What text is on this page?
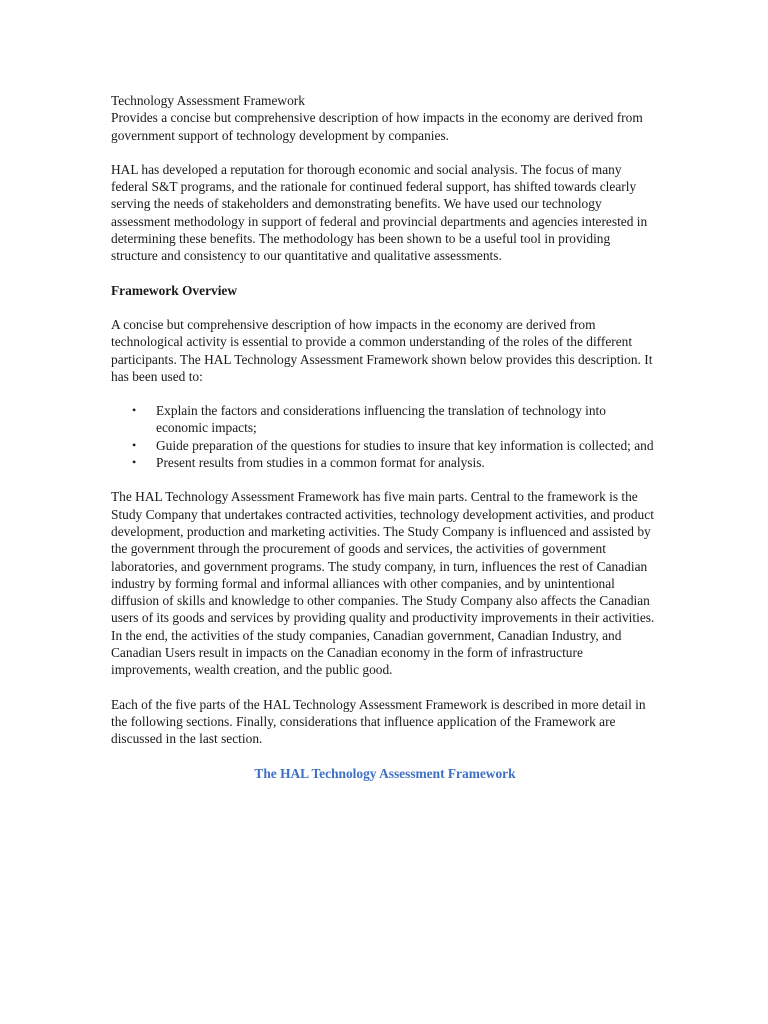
Technology Assessment Framework

Provides a concise but comprehensive description of how impacts in the economy are derived from government support of technology development by companies.

HAL has developed a reputation for thorough economic and social analysis. The focus of many federal S&T programs, and the rationale for continued federal support, has shifted towards clearly serving the needs of stakeholders and demonstrating benefits. We have used our technology assessment methodology in support of federal and provincial departments and agencies interested in determining these benefits. The methodology has been shown to be a useful tool in providing structure and consistency to our quantitative and qualitative assessments.

Framework Overview

A concise but comprehensive description of how impacts in the economy are derived from technological activity is essential to provide a common understanding of the roles of the different participants. The HAL Technology Assessment Framework shown below provides this description. It has been used to:

• Explain the factors and considerations influencing the translation of technology into economic impacts;
• Guide preparation of the questions for studies to insure that key information is collected; and
• Present results from studies in a common format for analysis.

The HAL Technology Assessment Framework has five main parts. Central to the framework is the Study Company that undertakes contracted activities, technology development activities, and product development, production and marketing activities. The Study Company is influenced and assisted by the government through the procurement of goods and services, the activities of government laboratories, and government programs. The study company, in turn, influences the rest of Canadian industry by forming formal and informal alliances with other companies, and by unintentional diffusion of skills and knowledge to other companies. The Study Company also affects the Canadian users of its goods and services by providing quality and productivity improvements in their activities. In the end, the activities of the study companies, Canadian government, Canadian Industry, and Canadian Users result in impacts on the Canadian economy in the form of infrastructure improvements, wealth creation, and the public good.

Each of the five parts of the HAL Technology Assessment Framework is described in more detail in the following sections. Finally, considerations that influence application of the Framework are discussed in the last section.

The HAL Technology Assessment Framework
